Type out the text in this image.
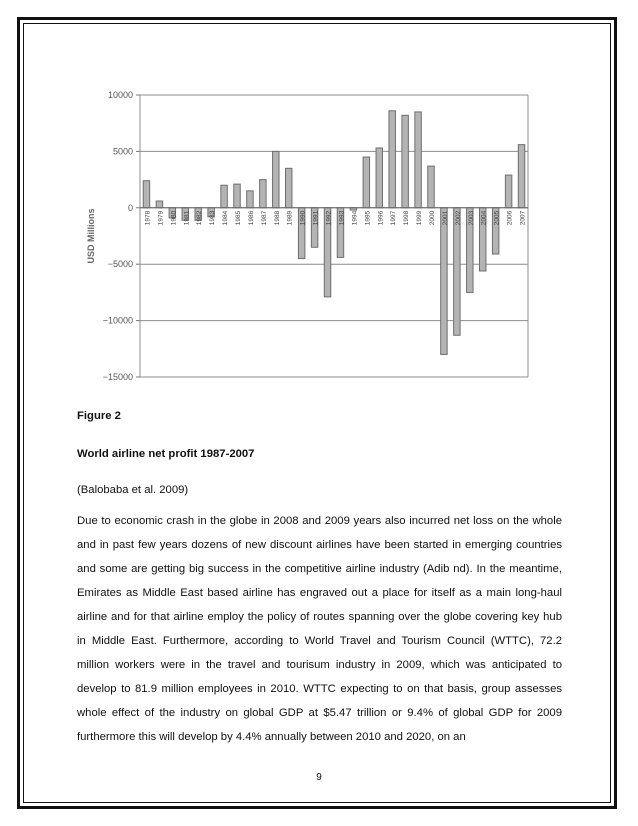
10000
5000
0
−5000
−10000
−15000
USD Millions	1978 1979 1980 1981 1982 1983 1984 1985 1986 1987 1988 1989 1990 1991 1992 1993 1994 1995 1996 1997 1998 1999 2000 2001 2002 2003 2004 2005 2006 2007
Figure 2
World airline net profit 1987-2007
(Balobaba et al. 2009)

Due to economic crash in the globe in 2008 and 2009 years also incurred net loss on the whole and in past few years dozens of new discount airlines have been started in emerging countries and some are getting big success in the competitive airline industry (Adib nd). In the meantime, Emirates as Middle East based airline has engraved out a place for itself as a main long-haul airline and for that airline employ the policy of routes spanning over the globe covering key hub in Middle East. Furthermore, according to World Travel and Tourism Council (WTTC), 72.2 million workers were in the travel and tourisum industry in 2009, which was anticipated to develop to 81.9 million employees in 2010. WTTC expecting to on that basis, group assesses whole effect of the industry on global GDP at $5.47 trillion or 9.4% of global GDP for 2009 furthermore this will develop by 4.4% annually between 2010 and 2020, on an

9
